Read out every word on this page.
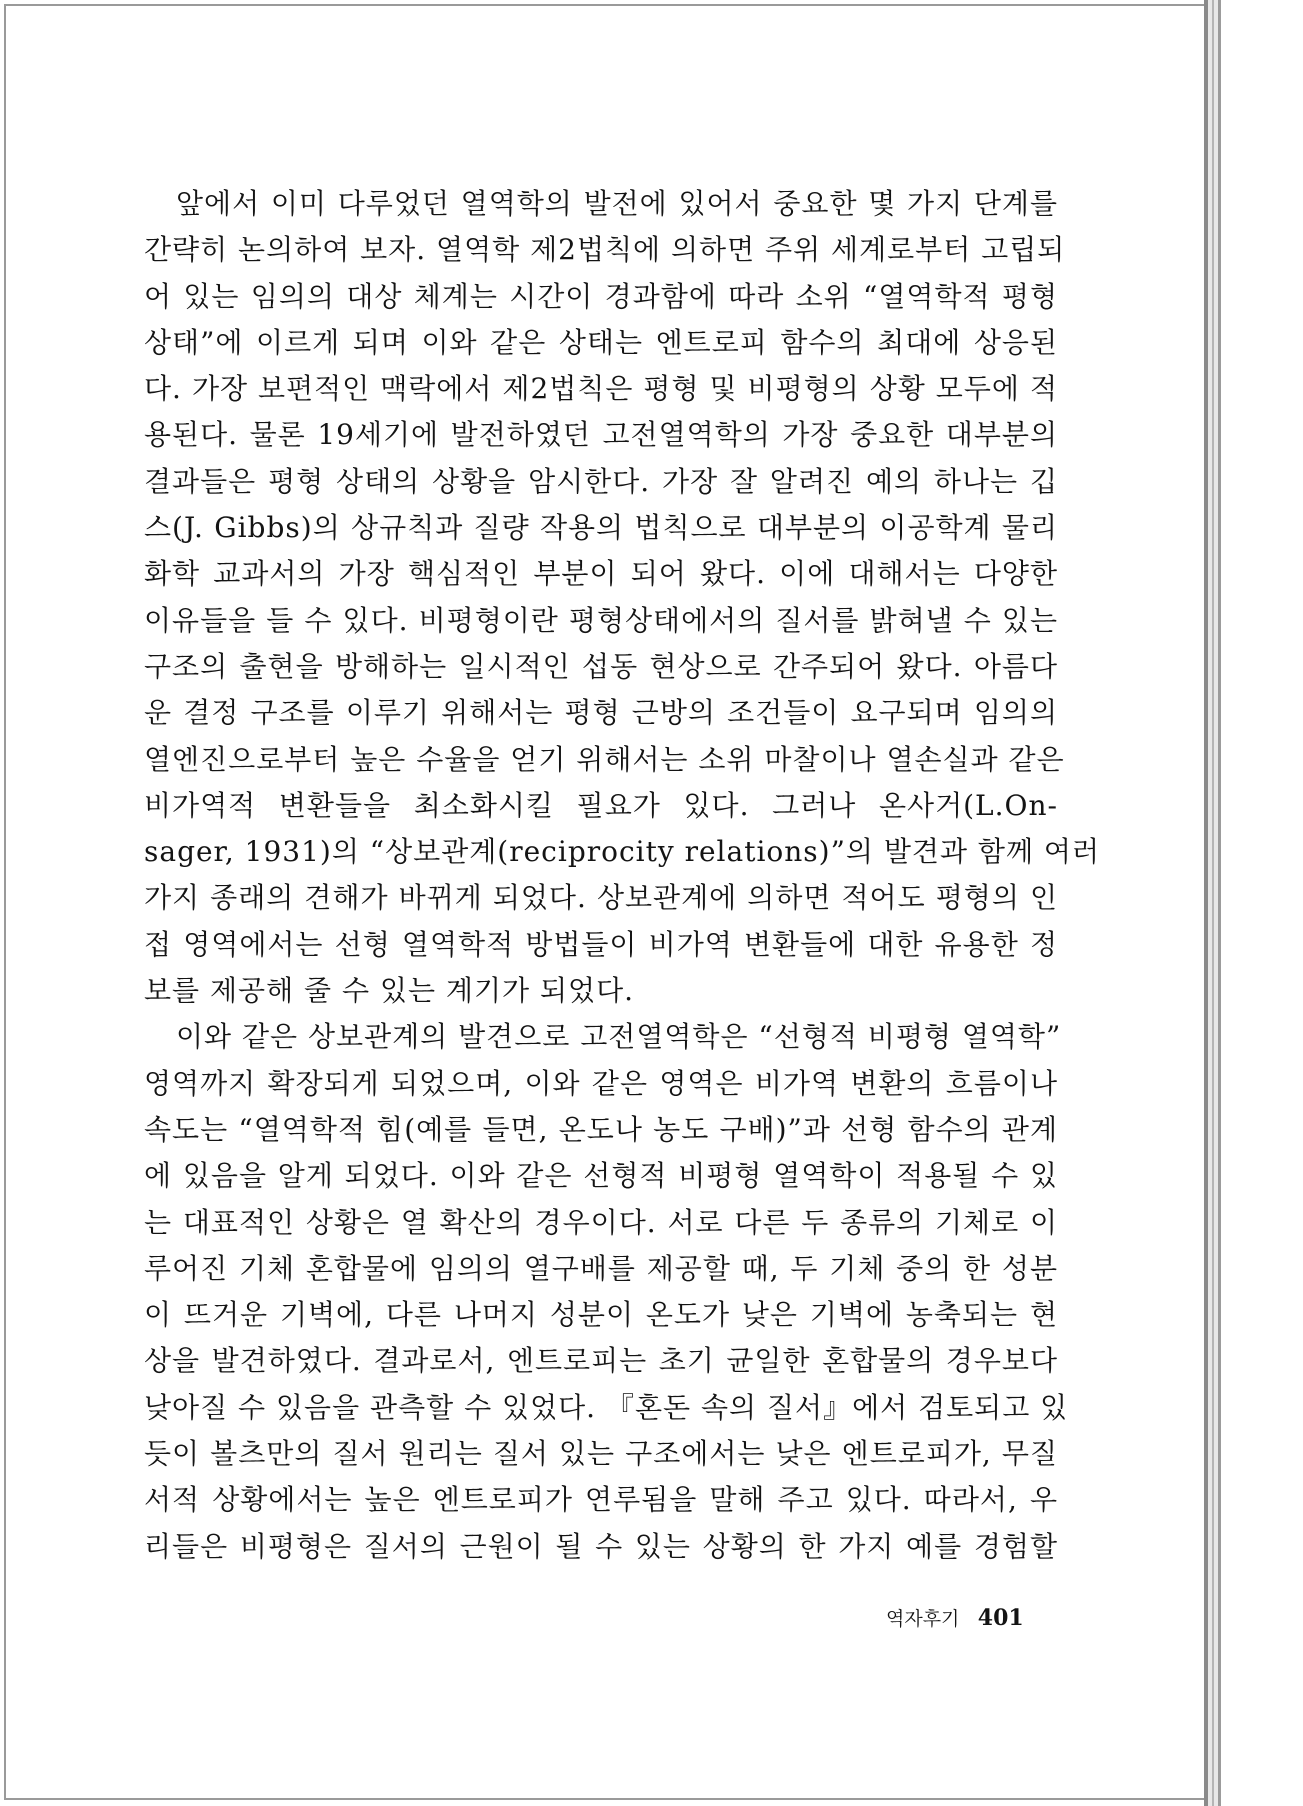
앞에서 이미 다루었던 열역학의 발전에 있어서 중요한 몇 가지 단계를
간략히 논의하여 보자. 열역학 제2법칙에 의하면 주위 세계로부터 고립되
어 있는 임의의 대상 체계는 시간이 경과함에 따라 소위 “열역학적 평형
상태”에 이르게 되며 이와 같은 상태는 엔트로피 함수의 최대에 상응된
다. 가장 보편적인 맥락에서 제2법칙은 평형 및 비평형의 상황 모두에 적
용된다. 물론 19세기에 발전하였던 고전열역학의 가장 중요한 대부분의
결과들은 평형 상태의 상황을 암시한다. 가장 잘 알려진 예의 하나는 깁
스(J. Gibbs)의 상규칙과 질량 작용의 법칙으로 대부분의 이공학계 물리
화학 교과서의 가장 핵심적인 부분이 되어 왔다. 이에 대해서는 다양한
이유들을 들 수 있다. 비평형이란 평형상태에서의 질서를 밝혀낼 수 있는
구조의 출현을 방해하는 일시적인 섭동 현상으로 간주되어 왔다. 아름다
운 결정 구조를 이루기 위해서는 평형 근방의 조건들이 요구되며 임의의
열엔진으로부터 높은 수율을 얻기 위해서는 소위 마찰이나 열손실과 같은
비가역적 변환들을 최소화시킬 필요가 있다. 그러나 온사거(L.On-
sager, 1931)의 “상보관계(reciprocity relations)”의 발견과 함께 여러
가지 종래의 견해가 바뀌게 되었다. 상보관계에 의하면 적어도 평형의 인
접 영역에서는 선형 열역학적 방법들이 비가역 변환들에 대한 유용한 정
보를 제공해 줄 수 있는 계기가 되었다.
이와 같은 상보관계의 발견으로 고전열역학은 “선형적 비평형 열역학”
영역까지 확장되게 되었으며, 이와 같은 영역은 비가역 변환의 흐름이나
속도는 “열역학적 힘(예를 들면, 온도나 농도 구배)”과 선형 함수의 관계
에 있음을 알게 되었다. 이와 같은 선형적 비평형 열역학이 적용될 수 있
는 대표적인 상황은 열 확산의 경우이다. 서로 다른 두 종류의 기체로 이
루어진 기체 혼합물에 임의의 열구배를 제공할 때, 두 기체 중의 한 성분
이 뜨거운 기벽에, 다른 나머지 성분이 온도가 낮은 기벽에 농축되는 현
상을 발견하였다. 결과로서, 엔트로피는 초기 균일한 혼합물의 경우보다
낮아질 수 있음을 관측할 수 있었다. 『혼돈 속의 질서』에서 검토되고 있
듯이 볼츠만의 질서 원리는 질서 있는 구조에서는 낮은 엔트로피가, 무질
서적 상황에서는 높은 엔트로피가 연루됨을 말해 주고 있다. 따라서, 우
리들은 비평형은 질서의 근원이 될 수 있는 상황의 한 가지 예를 경험할
역자후기 401
